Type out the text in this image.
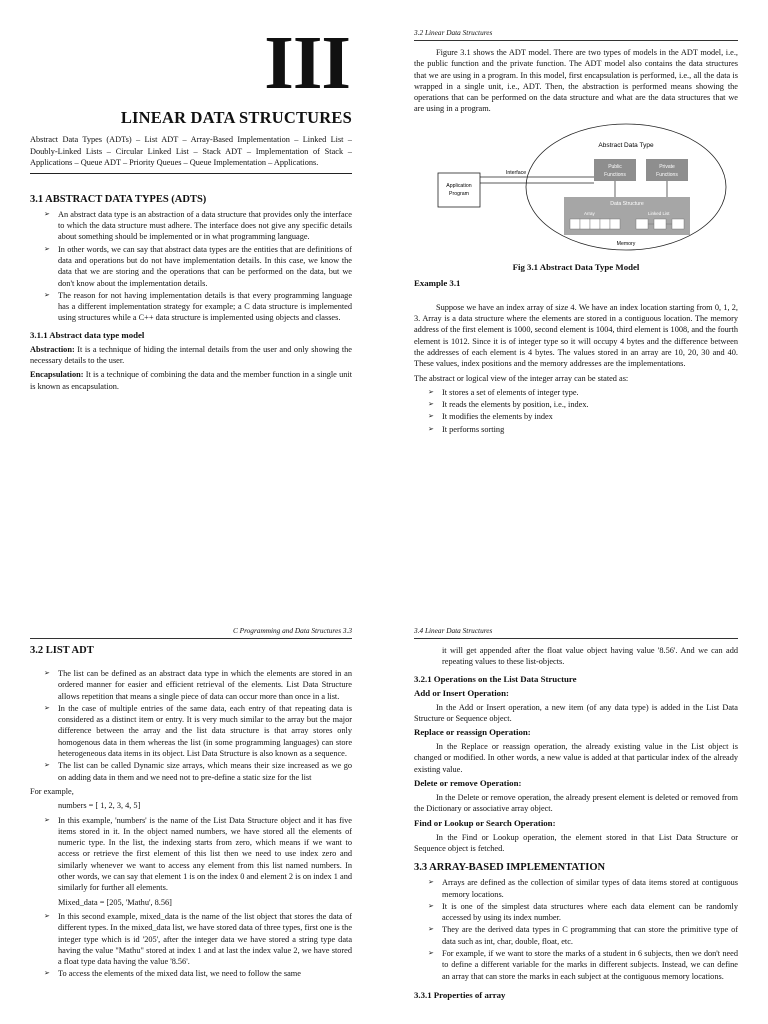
III
LINEAR DATA STRUCTURES
Abstract Data Types (ADTs) – List ADT – Array-Based Implementation – Linked List – Doubly-Linked Lists – Circular Linked List – Stack ADT – Implementation of Stack – Applications – Queue ADT – Priority Queues – Queue Implementation – Applications.
3.1 ABSTRACT DATA TYPES (ADTS)
➢ An abstract data type is an abstraction of a data structure that provides only the interface to which the data structure must adhere. The interface does not give any specific details about something should be implemented or in what programming language.
➢ In other words, we can say that abstract data types are the entities that are definitions of data and operations but do not have implementation details. In this case, we know the data that we are storing and the operations that can be performed on the data, but we don't know about the implementation details.
➢ The reason for not having implementation details is that every programming language has a different implementation strategy for example; a C data structure is implemented using structures while a C++ data structure is implemented using objects and classes.
3.1.1 Abstract data type model
Abstraction: It is a technique of hiding the internal details from the user and only showing the necessary details to the user.
Encapsulation: It is a technique of combining the data and the member function in a single unit is known as encapsulation.
3.2 Linear Data Structures
Figure 3.1 shows the ADT model. There are two types of models in the ADT model, i.e., the public function and the private function. The ADT model also contains the data structures that we are using in a program. In this model, first encapsulation is performed, i.e., all the data is wrapped in a single unit, i.e., ADT. Then, the abstraction is performed means showing the operations that can be performed on the data structure and what are the data structures that we are using in a program.
Abstract Data Type
Application
Program
Interface
Public
Functions
Private
Functions
Data Structure
Array	Linked List
Memory
Fig 3.1 Abstract Data Type Model
Example 3.1
Suppose we have an index array of size 4. We have an index location starting from 0, 1, 2, 3. Array is a data structure where the elements are stored in a contiguous location. The memory address of the first element is 1000, second element is 1004, third element is 1008, and the fourth element is 1012. Since it is of integer type so it will occupy 4 bytes and the difference between the addresses of each element is 4 bytes. The values stored in an array are 10, 20, 30 and 40. These values, index positions and the memory addresses are the implementations.
The abstract or logical view of the integer array can be stated as:
➢ It stores a set of elements of integer type.
➢ It reads the elements by position, i.e., index.
➢ It modifies the elements by index
➢ It performs sorting
C Programming and Data Structures 3.3
3.2 LIST ADT
➢ The list can be defined as an abstract data type in which the elements are stored in an ordered manner for easier and efficient retrieval of the elements. List Data Structure allows repetition that means a single piece of data can occur more than once in a list.
➢ In the case of multiple entries of the same data, each entry of that repeating data is considered as a distinct item or entry. It is very much similar to the array but the major difference between the array and the list data structure is that array stores only homogenous data in them whereas the list (in some programming languages) can store heterogeneous data items in its object. List Data Structure is also known as a sequence.
➢ The list can be called Dynamic size arrays, which means their size increased as we go on adding data in them and we need not to pre-define a static size for the list
For example,
numbers = [ 1, 2, 3, 4, 5]
➢ In this example, 'numbers' is the name of the List Data Structure object and it has five items stored in it. In the object named numbers, we have stored all the elements of numeric type. In the list, the indexing starts from zero, which means if we want to access or retrieve the first element of this list then we need to use index zero and similarly whenever we want to access any element from this list named numbers. In other words, we can say that element 1 is on the index 0 and element 2 is on index 1 and similarly for further all elements.
Mixed_data = [205, 'Mathu', 8.56]
➢ In this second example, mixed_data is the name of the list object that stores the data of different types. In the mixed_data list, we have stored data of three types, first one is the integer type which is id '205', after the integer data we have stored a string type data having the value "Mathu" stored at index 1 and at last the index value 2, we have stored a float type data having the value '8.56'.
➢ To access the elements of the mixed data list, we need to follow the same
3.4 Linear Data Structures
it will get appended after the float value object having value '8.56'. And we can add repeating values to these list-objects.
3.2.1 Operations on the List Data Structure
Add or Insert Operation:
In the Add or Insert operation, a new item (of any data type) is added in the List Data Structure or Sequence object.
Replace or reassign Operation:
In the Replace or reassign operation, the already existing value in the List object is changed or modified. In other words, a new value is added at that particular index of the already existing value.
Delete or remove Operation:
In the Delete or remove operation, the already present element is deleted or removed from the Dictionary or associative array object.
Find or Lookup or Search Operation:
In the Find or Lookup operation, the element stored in that List Data Structure or Sequence object is fetched.
3.3 ARRAY-BASED IMPLEMENTATION
➢ Arrays are defined as the collection of similar types of data items stored at contiguous memory locations.
➢ It is one of the simplest data structures where each data element can be randomly accessed by using its index number.
➢ They are the derived data types in C programming that can store the primitive type of data such as int, char, double, float, etc.
➢ For example, if we want to store the marks of a student in 6 subjects, then we don't need to define a different variable for the marks in different subjects. Instead, we can define an array that can store the marks in each subject at the contiguous memory locations.
3.3.1 Properties of array
